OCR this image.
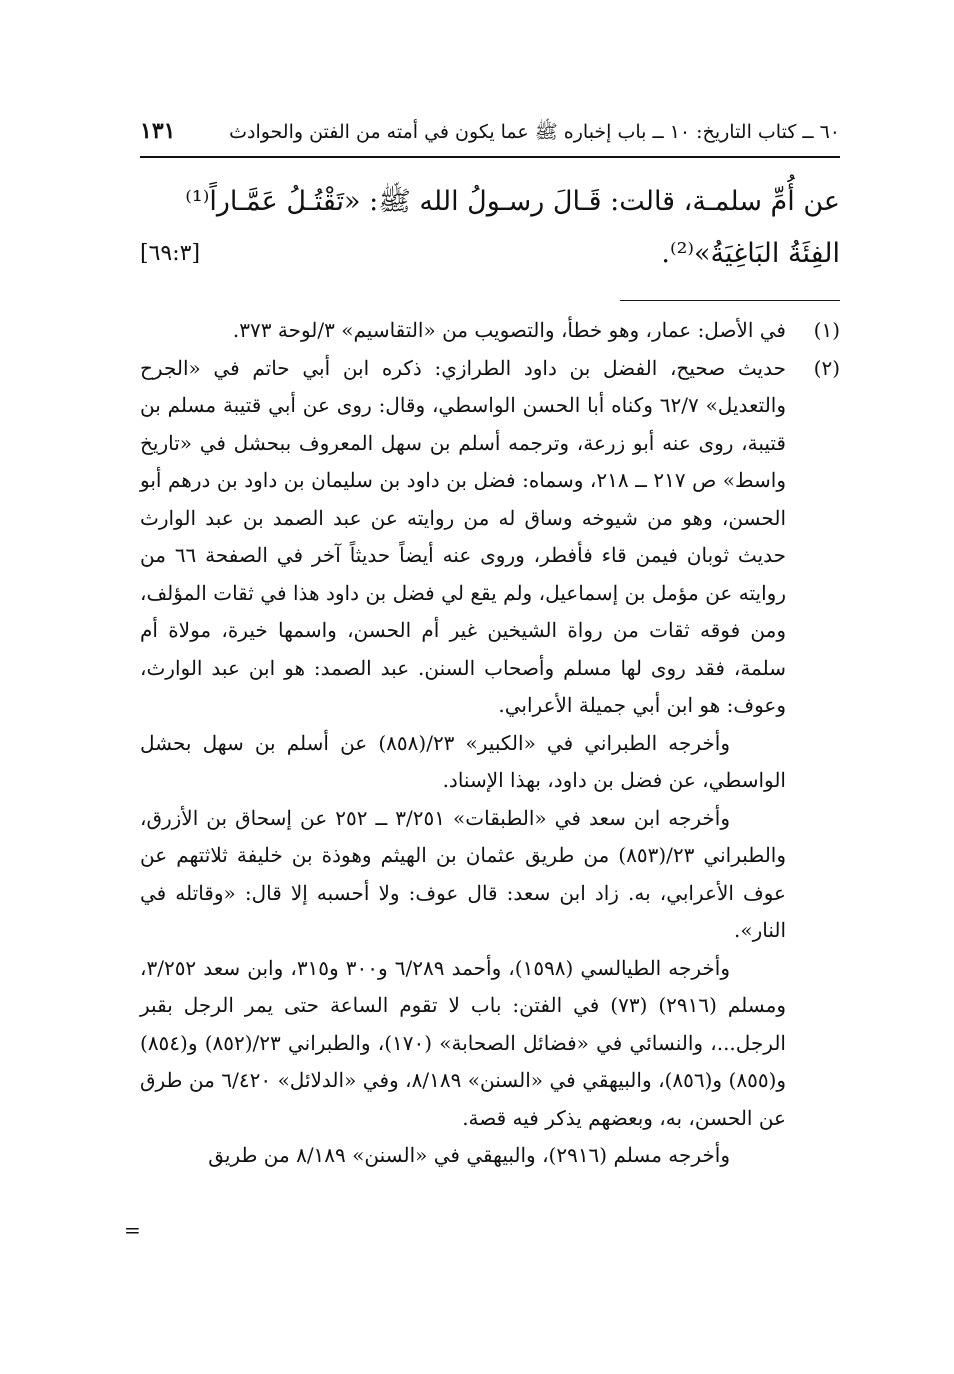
٦٠ ــ كتاب التاريخ: ١٠ ــ باب إخباره ﷺ عما يكون في أمته من الفتن والحوادث
١٣١
عن أُمِّ سلمـة، قالت: قَـالَ رسـولُ الله ﷺ: «تَقْتُـلُ عَمَّـاراً⁽¹⁾
الفِئَةُ البَاغِيَةُ»⁽²⁾.
[٦٩:٣]
(١)

في الأصل: عمار، وهو خطأ، والتصويب من «التقاسيم» ٣/لوحة ٣٧٣.

(٢)

حديث صحيح، الفضل بن داود الطرازي: ذكره ابن أبي حاتم في «الجرح والتعديل» ٦٢/٧ وكناه أبا الحسن الواسطي، وقال: روى عن أبي قتيبة مسلم بن قتيبة، روى عنه أبو زرعة، وترجمه أسلم بن سهل المعروف ببحشل في «تاريخ واسط» ص ٢١٧ ــ ٢١٨، وسماه: فضل بن داود بن سليمان بن داود بن درهم أبو الحسن، وهو من شيوخه وساق له من روايته عن عبد الصمد بن عبد الوارث حديث ثوبان فيمن قاء فأفطر، وروى عنه أيضاً حديثاً آخر في الصفحة ٦٦ من روايته عن مؤمل بن إسماعيل، ولم يقع لي فضل بن داود هذا في ثقات المؤلف، ومن فوقه ثقات من رواة الشيخين غير أم الحسن، واسمها خيرة، مولاة أم سلمة، فقد روى لها مسلم وأصحاب السنن. عبد الصمد: هو ابن عبد الوارث، وعوف: هو ابن أبي جميلة الأعرابي.

وأخرجه الطبراني في «الكبير» ٢٣/(٨٥٨) عن أسلم بن سهل بحشل الواسطي، عن فضل بن داود، بهذا الإسناد.

وأخرجه ابن سعد في «الطبقات» ٣/٢٥١ ــ ٢٥٢ عن إسحاق بن الأزرق، والطبراني ٢٣/(٨٥٣) من طريق عثمان بن الهيثم وهوذة بن خليفة ثلاثتهم عن عوف الأعرابي، به. زاد ابن سعد: قال عوف: ولا أحسبه إلا قال: «وقاتله في النار».

وأخرجه الطيالسي (١٥٩٨)، وأحمد ٦/٢٨٩ و٣٠٠ و٣١٥، وابن سعد ٣/٢٥٢، ومسلم (٢٩١٦) (٧٣) في الفتن: باب لا تقوم الساعة حتى يمر الرجل بقبر الرجل...، والنسائي في «فضائل الصحابة» (١٧٠)، والطبراني ٢٣/(٨٥٢) و(٨٥٤) و(٨٥٥) و(٨٥٦)، والبيهقي في «السنن» ٨/١٨٩، وفي «الدلائل» ٦/٤٢٠ من طرق عن الحسن، به، وبعضهم يذكر فيه قصة.

وأخرجه مسلم (٢٩١٦)، والبيهقي في «السنن» ٨/١٨٩ من طريق

=
